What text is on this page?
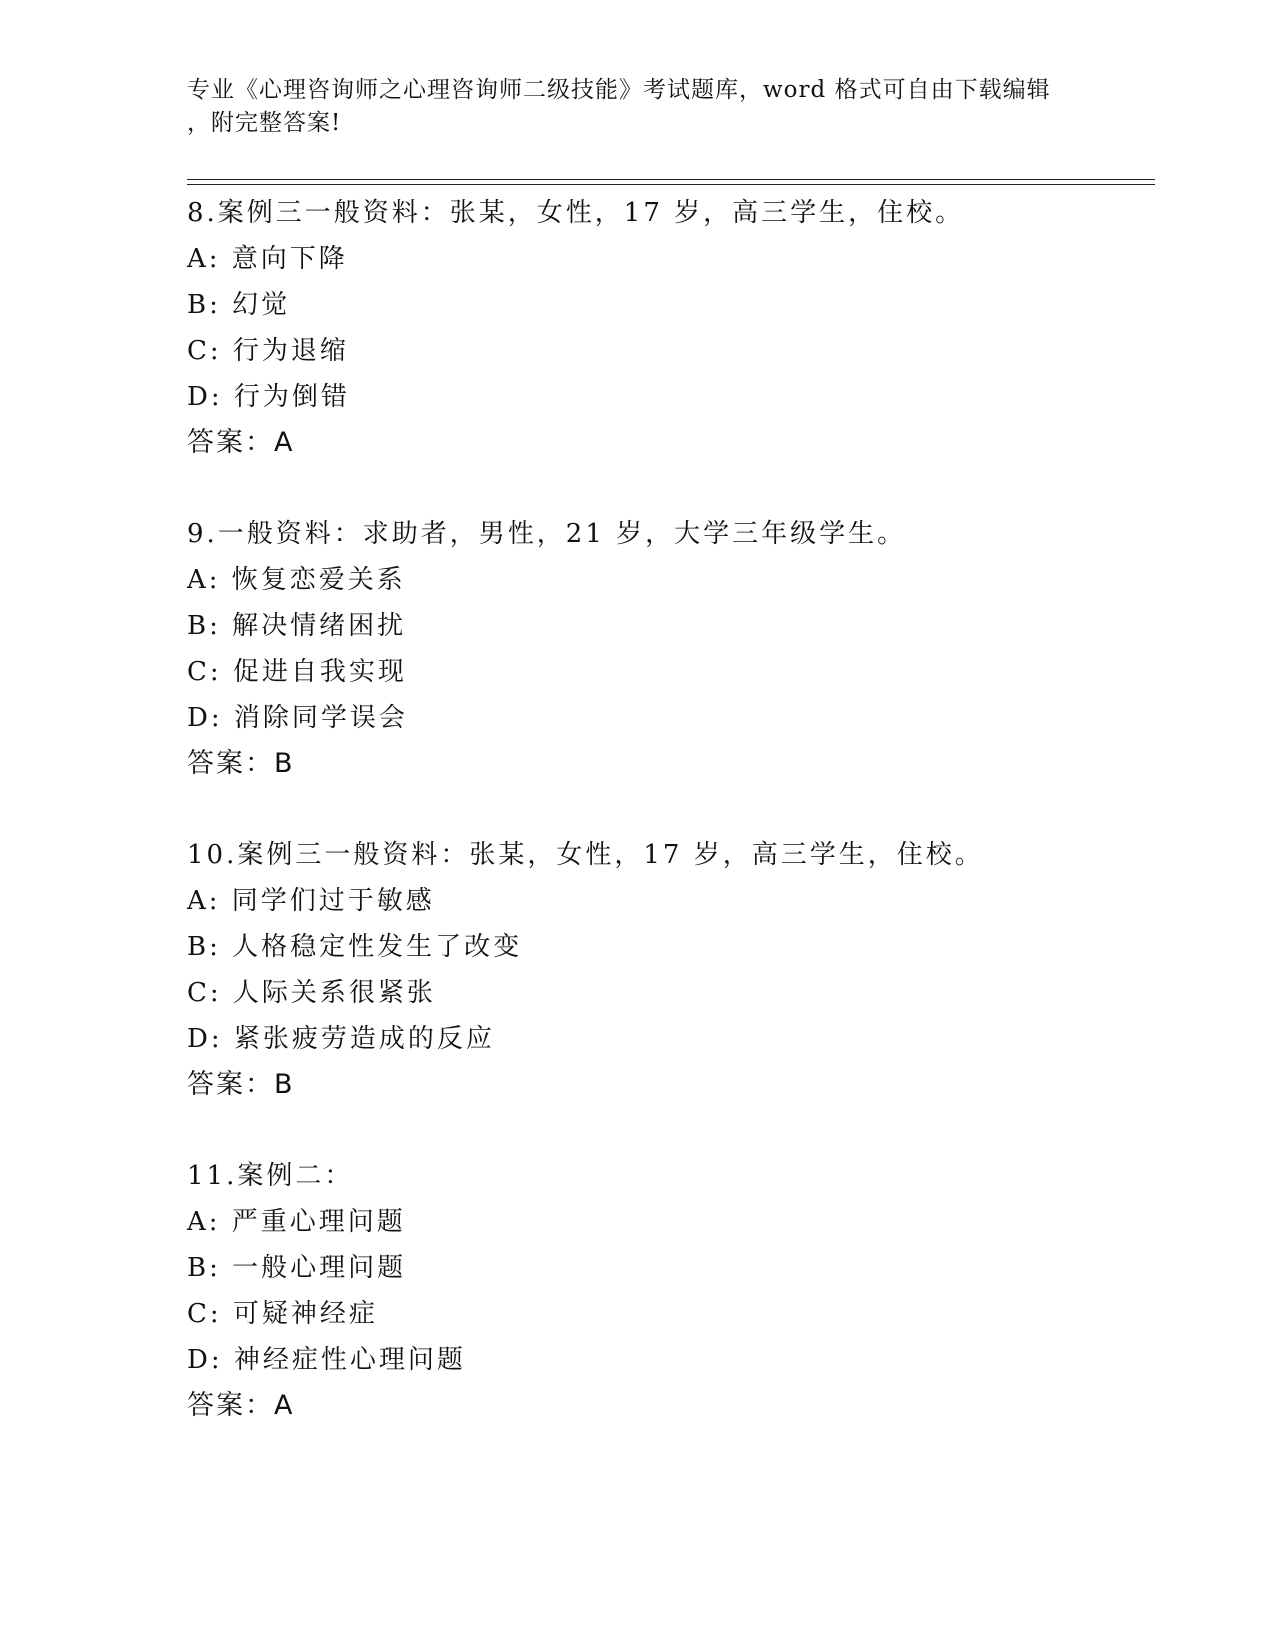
专业《心理咨询师之心理咨询师二级技能》考试题库，word 格式可自由下载编辑
，附完整答案!
8.案例三一般资料：张某，女性，17 岁，高三学生，住校。
A: 意向下降
B: 幻觉
C: 行为退缩
D: 行为倒错
答案：A
9.一般资料：求助者，男性，21 岁，大学三年级学生。
A: 恢复恋爱关系
B: 解决情绪困扰
C: 促进自我实现
D: 消除同学误会
答案：B
10.案例三一般资料：张某，女性，17 岁，高三学生，住校。
A: 同学们过于敏感
B: 人格稳定性发生了改变
C: 人际关系很紧张
D: 紧张疲劳造成的反应
答案：B
11.案例二：
A: 严重心理问题
B: 一般心理问题
C: 可疑神经症
D: 神经症性心理问题
答案：A
